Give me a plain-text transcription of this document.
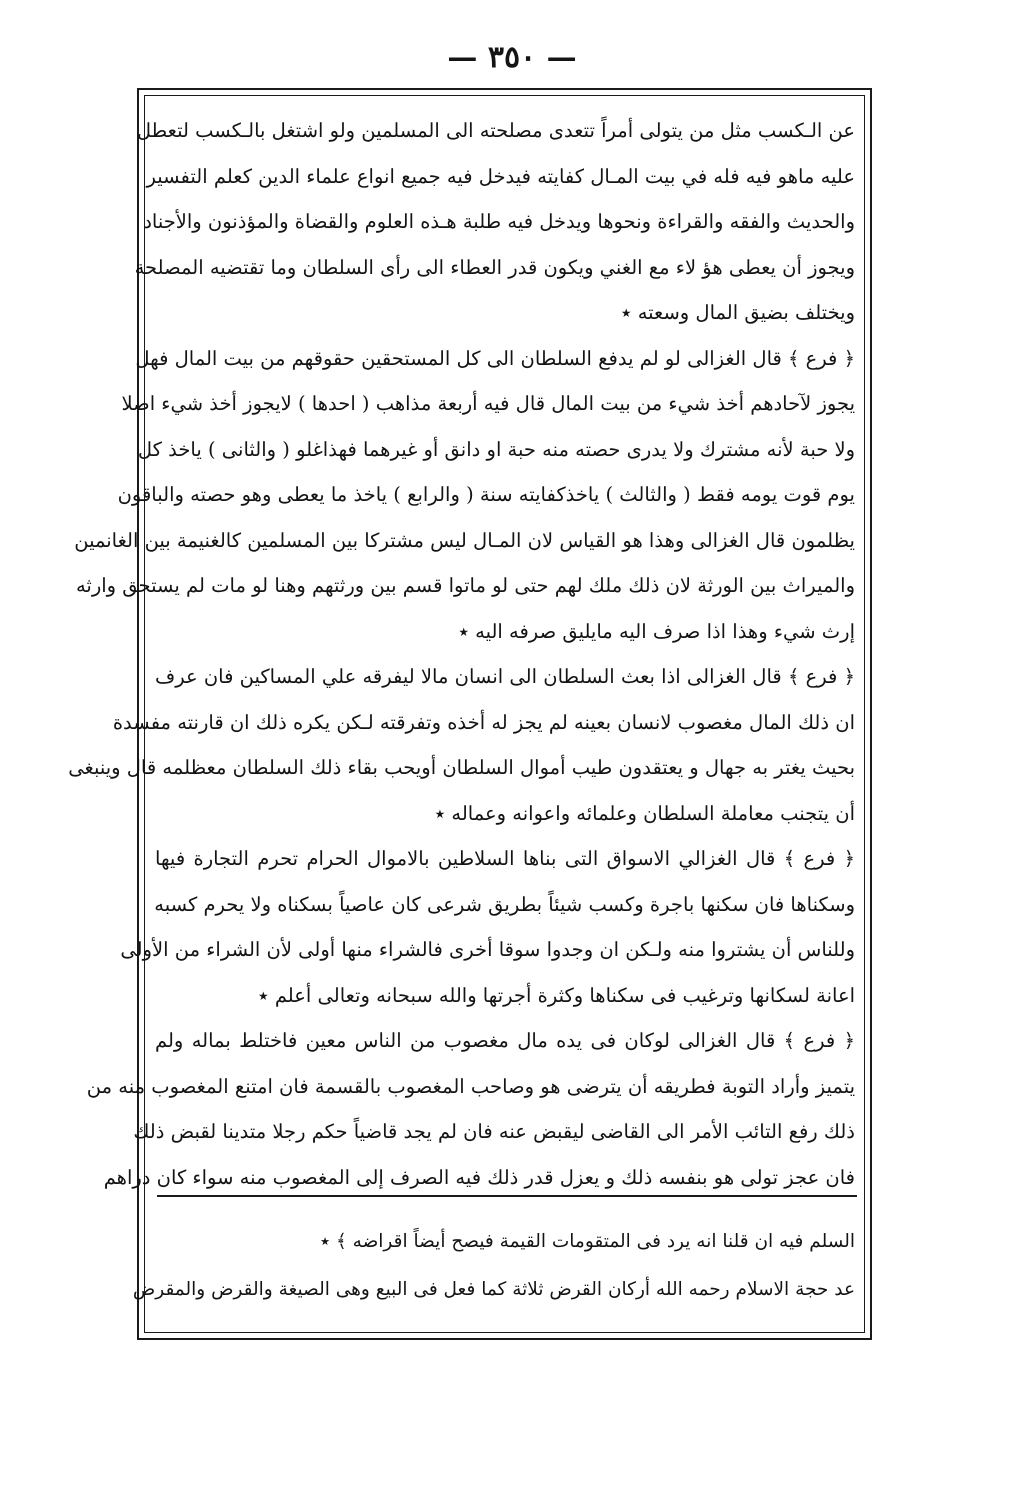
— ٣٥٠ —
عن الـكسب مثل من يتولى أمراً تتعدى مصلحته الى المسلمين ولو اشتغل بالـكسب لتعطل
عليه ماهو فيه فله في بيت المـال كفايته فيدخل فيه جميع انواع علماء الدين كعلم التفسير
والحديث والفقه والقراءة ونحوها ويدخل فيه طلبة هـذه العلوم والقضاة والمؤذنون والأجناد
ويجوز أن يعطى هؤ لاء مع الغني ويكون قدر العطاء الى رأى السلطان وما تقتضيه المصلحة
ويختلف بضيق المال وسعته ٭
﴿ فرع ﴾ قال الغزالى لو لم يدفع السلطان الى كل المستحقين حقوقهم من بيت المال فهل
يجوز لآحادهم أخذ شيء من بيت المال قال فيه أربعة مذاهب ( احدها ) لايجوز أخذ شيء اصلا
ولا حبة لأنه مشترك ولا يدرى حصته منه حبة او دانق أو غيرهما فهذاغلو ( والثانى ) ياخذ كل
يوم قوت يومه فقط ( والثالث ) ياخذكفايته سنة ( والرابع ) ياخذ ما يعطى وهو حصته والباقون
يظلمون قال الغزالى وهذا هو القياس لان المـال ليس مشتركا بين المسلمين كالغنيمة بين الغانمين
والميراث بين الورثة لان ذلك ملك لهم حتى لو ماتوا قسم بين ورثتهم وهنا لو مات لم يستحق وارثه
إرث شيء وهذا اذا صرف اليه مايليق صرفه اليه ٭
﴿ فرع ﴾ قال الغزالى اذا بعث السلطان الى انسان مالا ليفرقه علي المساكين فان عرف
ان ذلك المال مغصوب لانسان بعينه لم يجز له أخذه وتفرقته لـكن يكره ذلك ان قارنته مفسدة
بحيث يغتر به جهال و يعتقدون طيب أموال السلطان أويحب بقاء ذلك السلطان معظلمه قال وينبغى
أن يتجنب معاملة السلطان وعلمائه واعوانه وعماله ٭
﴿ فرع ﴾ قال الغزالي الاسواق التى بناها السلاطين بالاموال الحرام تحرم التجارة فيها
وسكناها فان سكنها باجرة وكسب شيئاً بطريق شرعى كان عاصياً بسكناه ولا يحرم كسبه
وللناس أن يشتروا منه ولـكن ان وجدوا سوقا أخرى فالشراء منها أولى لأن الشراء من الأولى
اعانة لسكانها وترغيب فى سكناها وكثرة أجرتها والله سبحانه وتعالى أعلم ٭
﴿ فرع ﴾ قال الغزالى لوكان فى يده مال مغصوب من الناس معين فاختلط بماله ولم
يتميز وأراد التوبة فطريقه أن يترضى هو وصاحب المغصوب بالقسمة فان امتنع المغصوب منه من
ذلك رفع التائب الأمر الى القاضى ليقبض عنه فان لم يجد قاضياً حكم رجلا متدينا لقبض ذلك
فان عجز تولى هو بنفسه ذلك و يعزل قدر ذلك فيه الصرف إلى المغصوب منه سواء كان دراهم
السلم فيه ان قلنا انه يرد فى المتقومات القيمة فيصح أيضاً اقراضه ﴾ ٭
عد حجة الاسلام رحمه الله أركان القرض ثلاثة كما فعل فى البيع وهى الصيغة والقرض والمقرض
